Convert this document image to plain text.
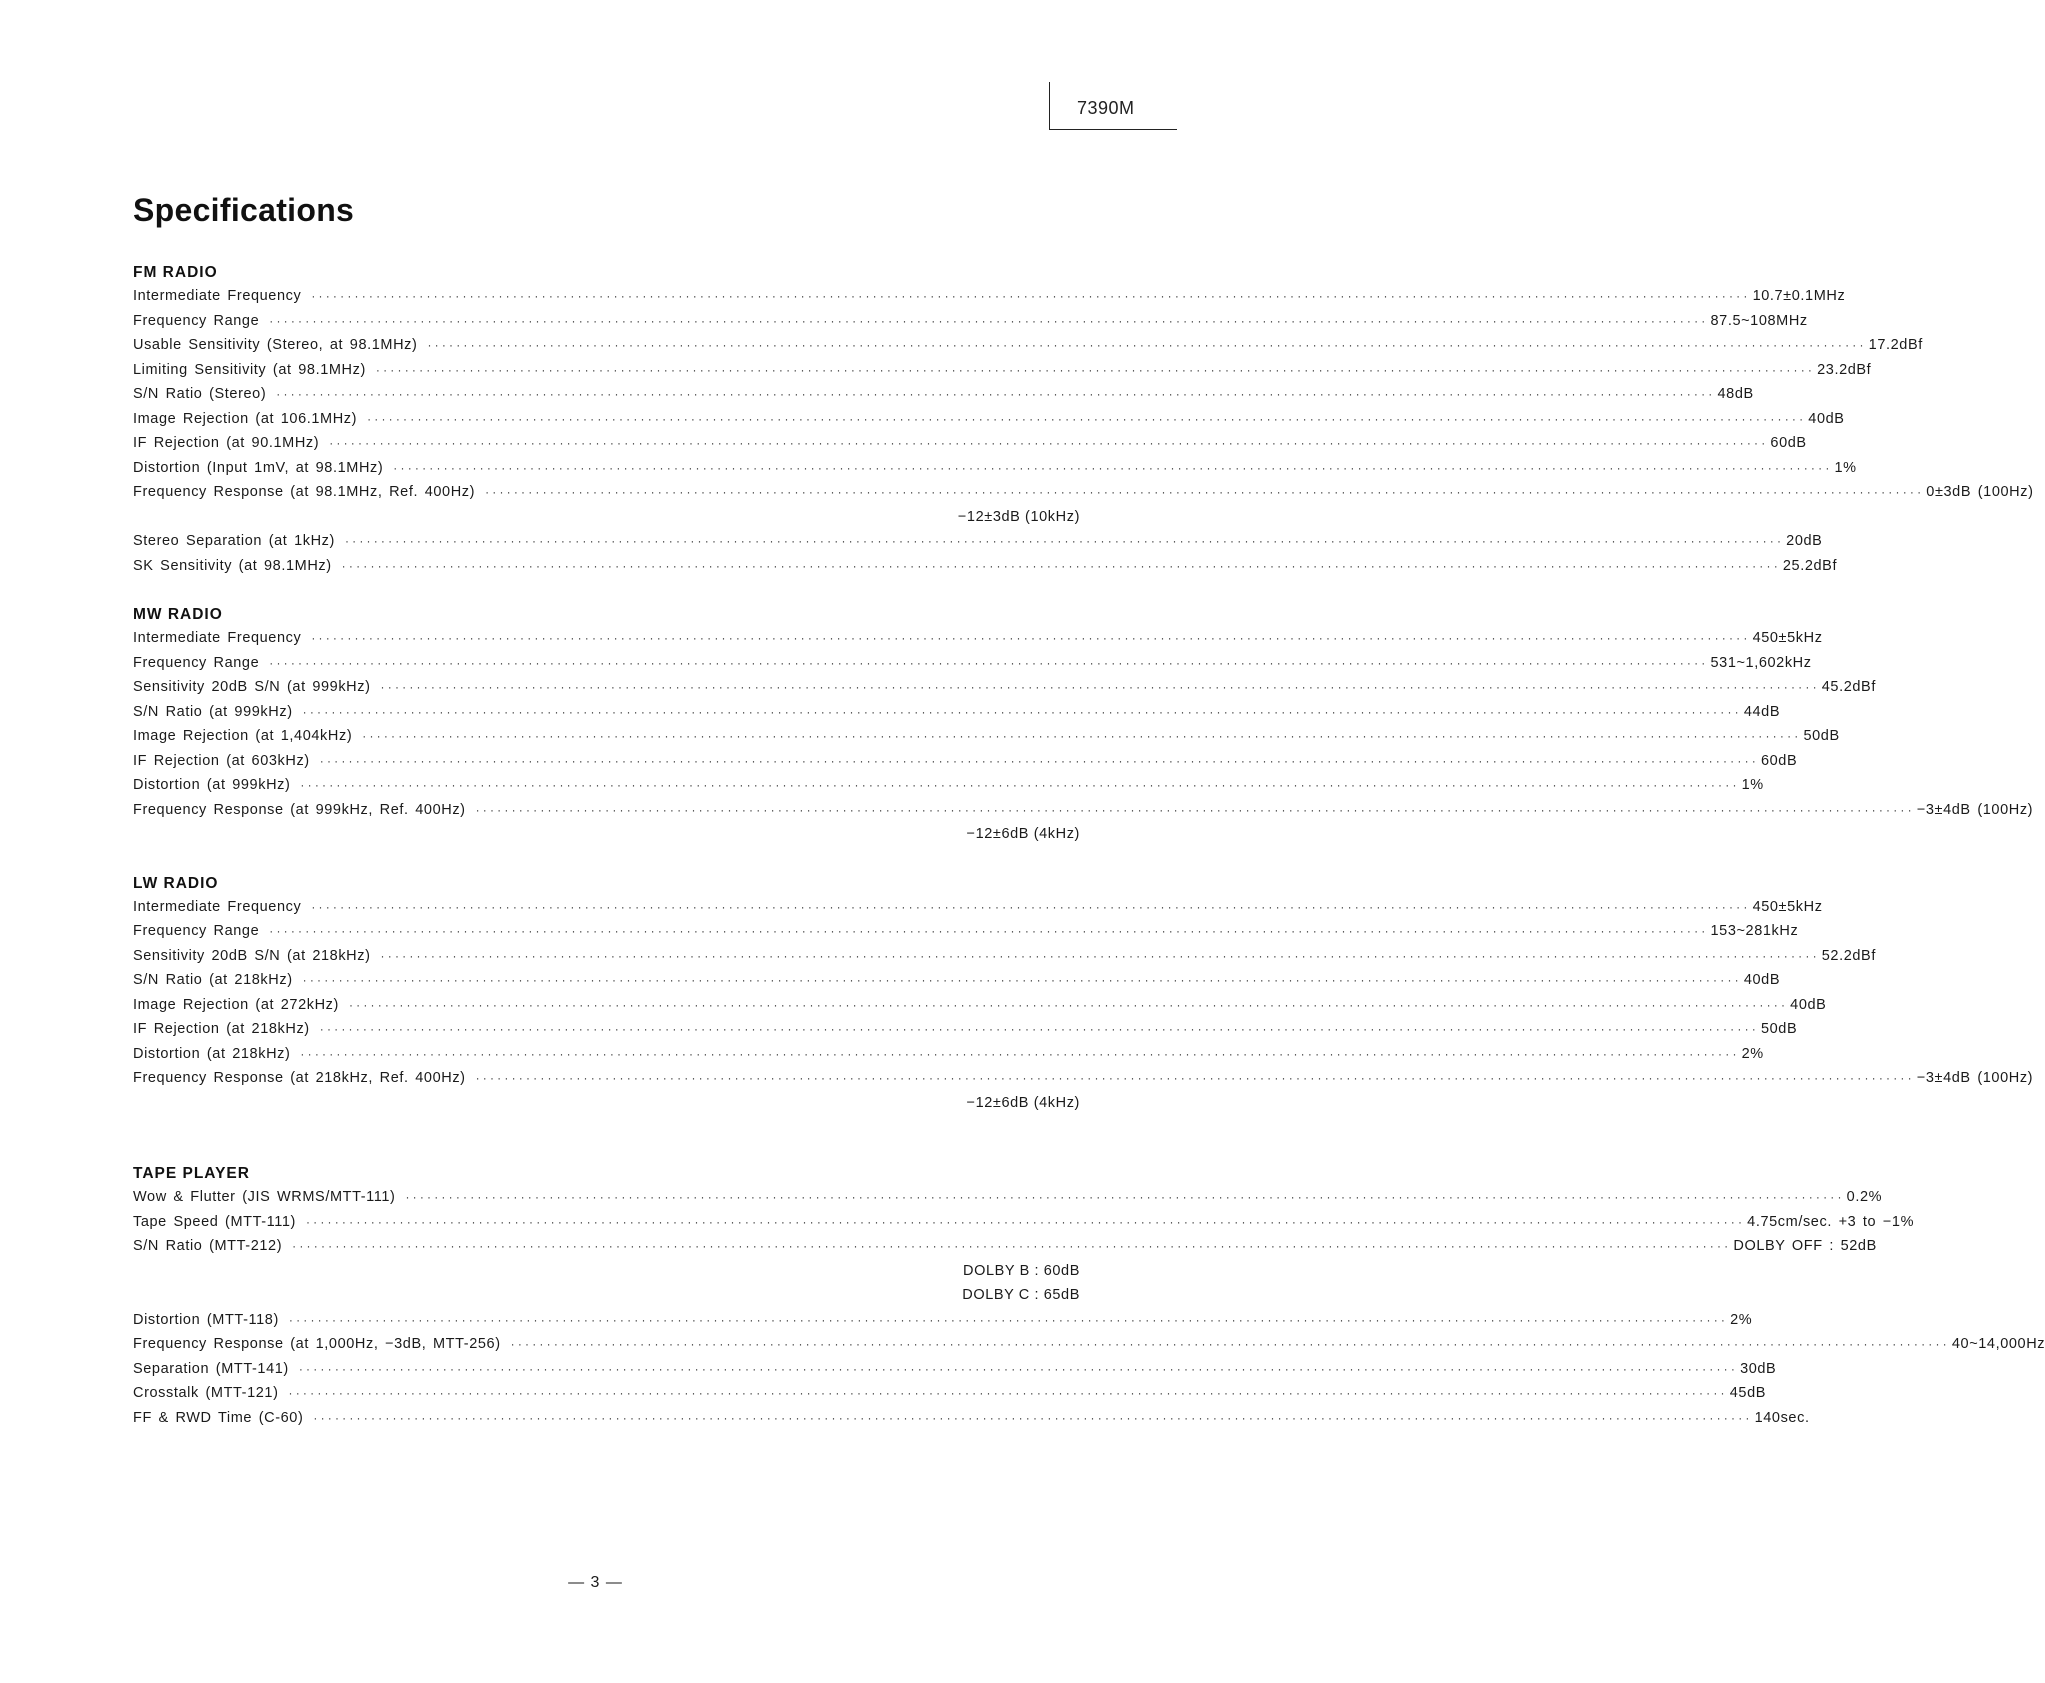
7390M
Specifications
FM RADIO
Intermediate Frequency ········································································································································································································ 10.7±0.1MHz
Frequency Range ········································································································································································································ 87.5~108MHz
Usable Sensitivity (Stereo, at 98.1MHz) ········································································································································································································ 17.2dBf
Limiting Sensitivity (at 98.1MHz) ········································································································································································································ 23.2dBf
S/N Ratio (Stereo) ········································································································································································································ 48dB
Image Rejection (at 106.1MHz) ········································································································································································································ 40dB
IF Rejection (at 90.1MHz) ········································································································································································································ 60dB
Distortion (Input 1mV, at 98.1MHz) ········································································································································································································ 1%
Frequency Response (at 98.1MHz, Ref. 400Hz) ········································································································································································································ 0±3dB (100Hz)
−12±3dB (10kHz)
Stereo Separation (at 1kHz) ········································································································································································································ 20dB
SK Sensitivity (at 98.1MHz) ········································································································································································································ 25.2dBf
MW RADIO
Intermediate Frequency ········································································································································································································ 450±5kHz
Frequency Range ········································································································································································································ 531~1,602kHz
Sensitivity 20dB S/N (at 999kHz) ········································································································································································································ 45.2dBf
S/N Ratio (at 999kHz) ········································································································································································································ 44dB
Image Rejection (at 1,404kHz) ········································································································································································································ 50dB
IF Rejection (at 603kHz) ········································································································································································································ 60dB
Distortion (at 999kHz) ········································································································································································································ 1%
Frequency Response (at 999kHz, Ref. 400Hz) ········································································································································································································ −3±4dB (100Hz)
−12±6dB (4kHz)
LW RADIO
Intermediate Frequency ········································································································································································································ 450±5kHz
Frequency Range ········································································································································································································ 153~281kHz
Sensitivity 20dB S/N (at 218kHz) ········································································································································································································ 52.2dBf
S/N Ratio (at 218kHz) ········································································································································································································ 40dB
Image Rejection (at 272kHz) ········································································································································································································ 40dB
IF Rejection (at 218kHz) ········································································································································································································ 50dB
Distortion (at 218kHz) ········································································································································································································ 2%
Frequency Response (at 218kHz, Ref. 400Hz) ········································································································································································································ −3±4dB (100Hz)
−12±6dB (4kHz)
TAPE PLAYER
Wow & Flutter (JIS WRMS/MTT-111) ········································································································································································································ 0.2%
Tape Speed (MTT-111) ········································································································································································································ 4.75cm/sec. +3 to −1%
S/N Ratio (MTT-212) ········································································································································································································ DOLBY OFF : 52dB
DOLBY B : 60dB
DOLBY C : 65dB
Distortion (MTT-118) ········································································································································································································ 2%
Frequency Response (at 1,000Hz, −3dB, MTT-256) ········································································································································································································ 40~14,000Hz
Separation (MTT-141) ········································································································································································································ 30dB
Crosstalk (MTT-121) ········································································································································································································ 45dB
FF & RWD Time (C-60) ········································································································································································································ 140sec.
— 3 —
